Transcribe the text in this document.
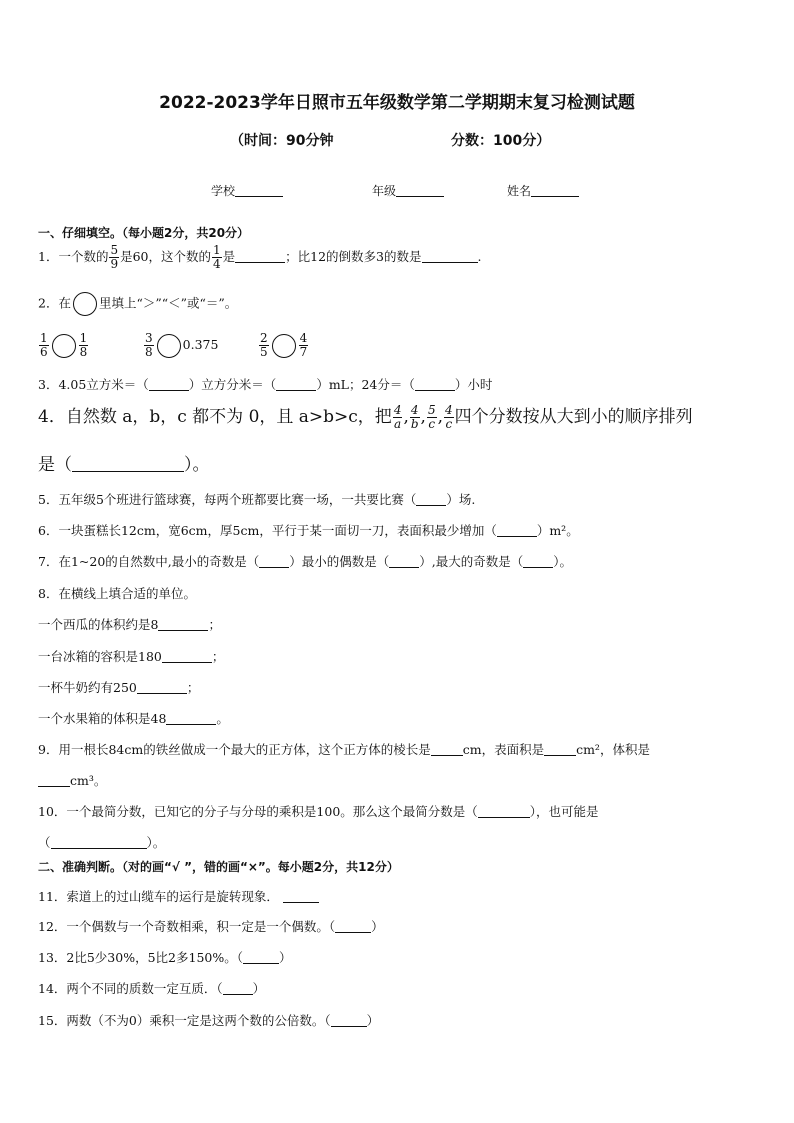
2022-2023学年日照市五年级数学第二学期期末复习检测试题
（时间：90分钟	分数：100分）
学校	年级	姓名
一、仔细填空。（每小题2分，共20分）
1．一个数的 $\frac{5}{9}$ 是60，这个数的 $\frac{1}{4}$ 是	；比12的倒数多3的数是	.
2．在 里填上“＞”“＜”或“＝”。
$\frac{1}{6}$	$\frac{1}{8}$	$\frac{3}{8} 0.375$	$\frac{2}{5}$	$\frac{4}{7}$
3．4.05立方米＝（	）立方分米＝（	）mL；24分＝（	）小时
4．自然数 a，b，c 都不为 0，且 a>b>c，把 $\frac{4}{a}$ , $\frac{4}{b}$ , $\frac{5}{c}$ , $\frac{4}{c}$ 四个分数按从大到小的顺序排列
是（	）。
5．五年级5个班进行篮球赛，每两个班都要比赛一场，一共要比赛（ ）场.
6．一块蛋糕长12cm，宽6cm，厚5cm，平行于某一面切一刀，表面积最少增加（	）m²。
7．在1~20的自然数中,最小的奇数是（ ）最小的偶数是（ ）,最大的奇数是（ ）。
8．在横线上填合适的单位。
一个西瓜的体积约是8	；
一台冰箱的容积是180	；
一杯牛奶约有250	；
一个水果箱的体积是48	。
9．用一根长84cm的铁丝做成一个最大的正方体，这个正方体的棱长是	cm，表面积是	cm²，体积是
cm³。
10．一个最简分数，已知它的分子与分母的乘积是100。那么这个最简分数是（	），也可能是
（	）。
二、准确判断。（对的画“√ ”，错的画“×”。每小题2分，共12分）
11．索道上的过山缆车的运行是旋转现象．
12．一个偶数与一个奇数相乘，积一定是一个偶数。（	）
13．2比5少30%，5比2多150%。（	）
14．两个不同的质数一定互质．（ ）
15．两数（不为0）乘积一定是这两个数的公倍数。（	）
